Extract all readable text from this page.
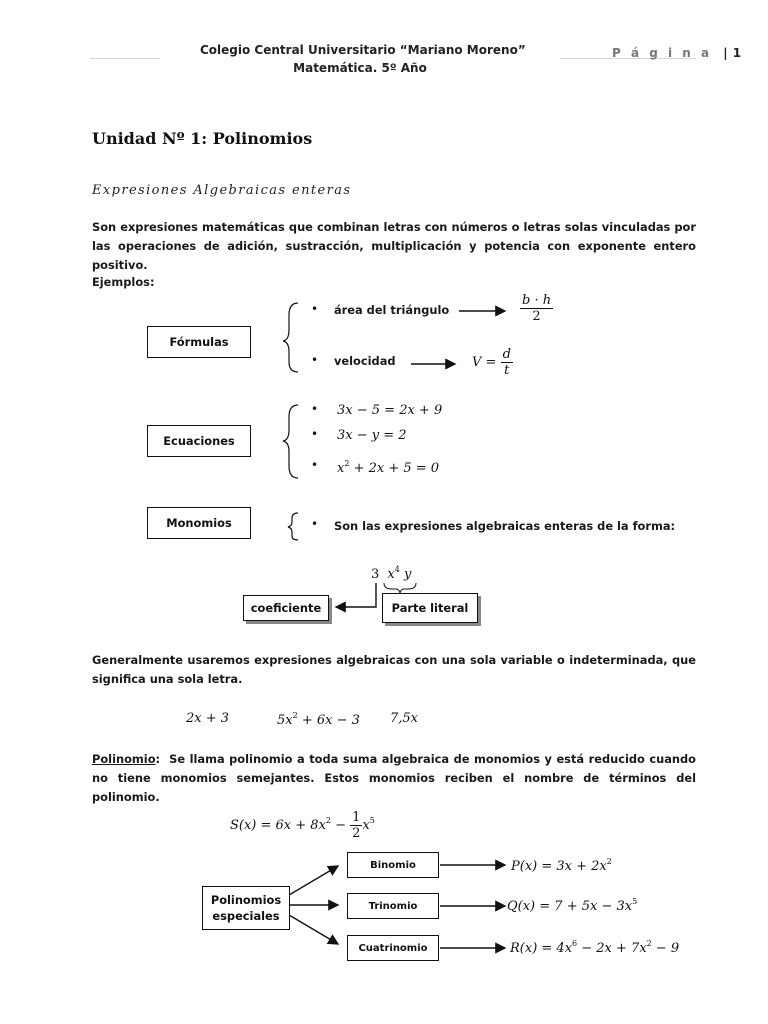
Colegio Central Universitario “Mariano Moreno”
Matemática. 5º Año
P á g i n a | 1
Unidad Nº 1: Polinomios
Expresiones Algebraicas enteras
Son expresiones matemáticas que combinan letras con números o letras solas vinculadas por las operaciones de adición, sustracción, multiplicación y potencia con exponente entero positivo.
Ejemplos:
Fórmulas
• área del triángulo
• velocidad
$\frac{b \cdot h}{2}$
$V = \frac{d}{t}$
Ecuaciones
• 3x − 5 = 2x + 9
• 3x − y = 2
• $x^2 + 2x + 5 = 0$
Monomios	• Son las expresiones algebraicas enteras de la forma:
3 $x^4$ y
coeficiente	Parte literal
Generalmente usaremos expresiones algebraicas con una sola variable o indeterminada, que significa una sola letra.
2x + 3	$5x^2 + 6x - 3$ 7,5x
Polinomio: Se llama polinomio a toda suma algebraica de monomios y está reducido cuando no tiene monomios semejantes. Estos monomios reciben el nombre de términos del polinomio.
$S(x) = 6x + 8x^2 - \frac{1}{2} x^5$
Polinomios especiales
Binomio
Trinomio
Cuatrinomio
$P(x) = 3x + 2x^2$
$Q(x) = 7 + 5x - 3x^5$
$R(x) = 4x^6 - 2x + 7x^2 - 9$
